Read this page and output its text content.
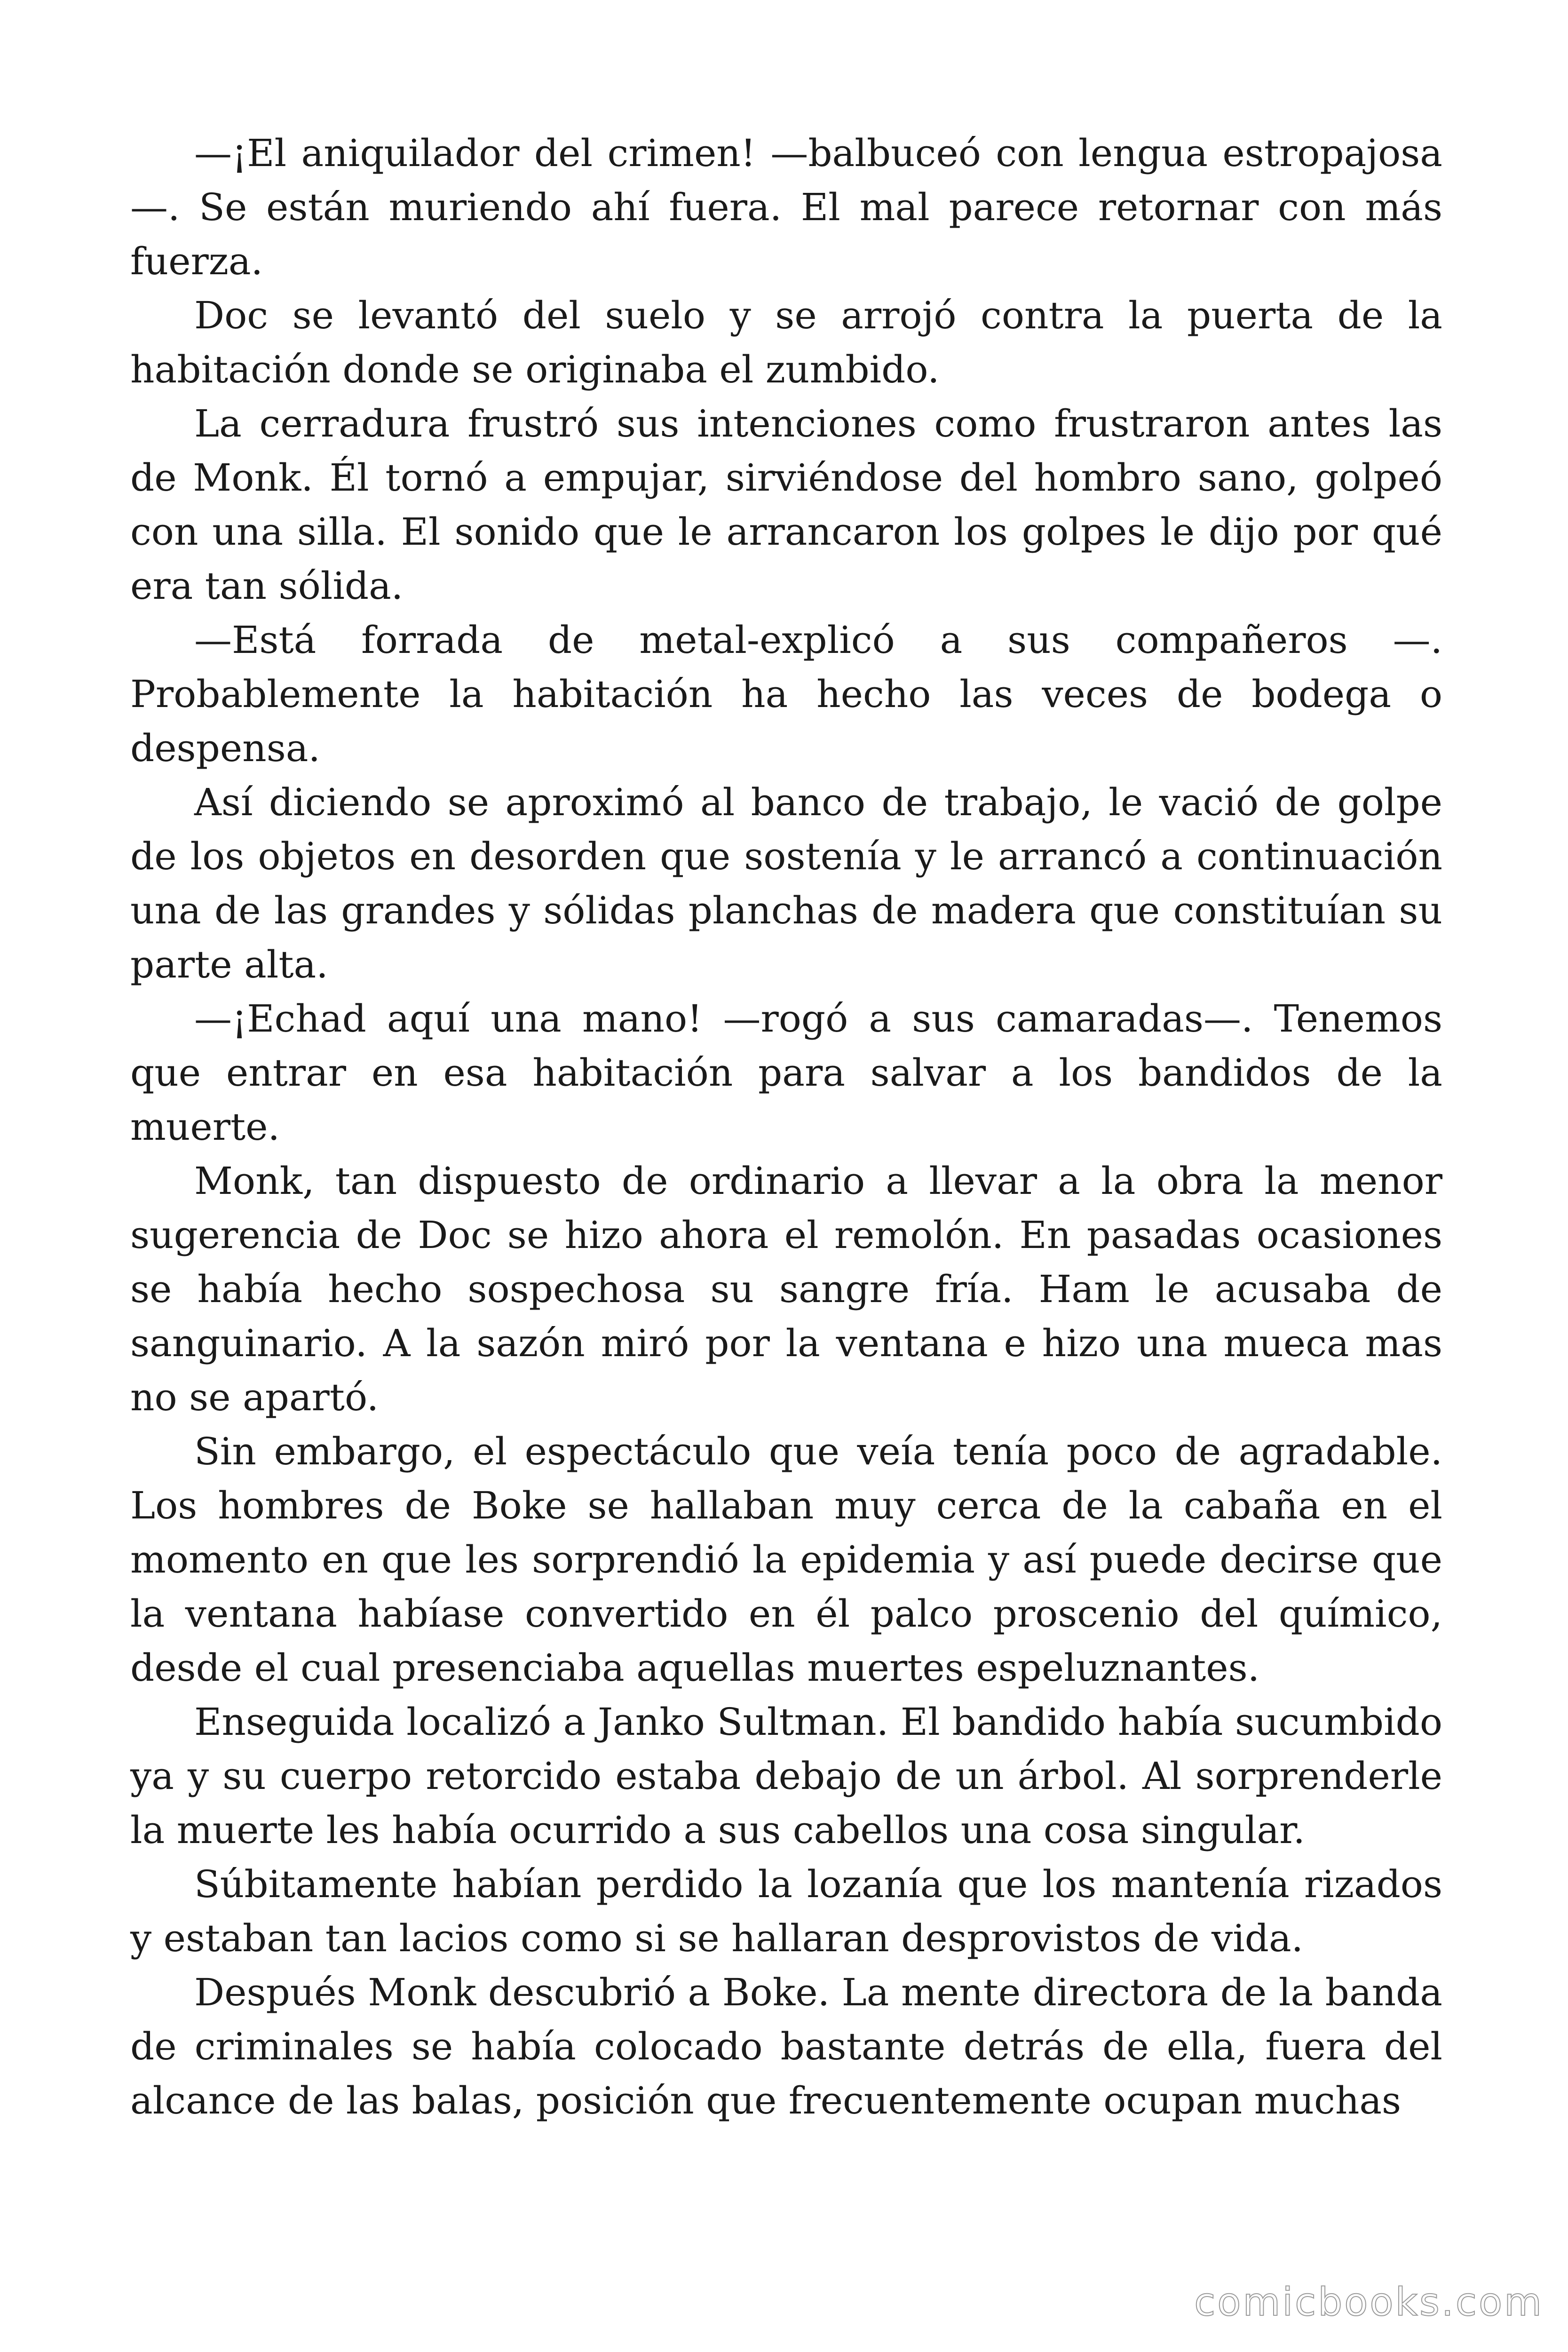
—¡El aniquilador del crimen! —balbuceó con lengua estropajosa —. Se están muriendo ahí fuera. El mal parece retornar con más fuerza.

Doc se levantó del suelo y se arrojó contra la puerta de la habitación donde se originaba el zumbido.

La cerradura frustró sus intenciones como frustraron antes las de Monk. Él tornó a empujar, sirviéndose del hombro sano, golpeó con una silla. El sonido que le arrancaron los golpes le dijo por qué era tan sólida.

—Está forrada de metal-explicó a sus compañeros —. Probablemente la habitación ha hecho las veces de bodega o despensa.

Así diciendo se aproximó al banco de trabajo, le vació de golpe de los objetos en desorden que sostenía y le arrancó a continuación una de las grandes y sólidas planchas de madera que constituían su parte alta.

—¡Echad aquí una mano! —rogó a sus camaradas—. Tenemos que entrar en esa habitación para salvar a los bandidos de la muerte.

Monk, tan dispuesto de ordinario a llevar a la obra la menor sugerencia de Doc se hizo ahora el remolón. En pasadas ocasiones se había hecho sospechosa su sangre fría. Ham le acusaba de sanguinario. A la sazón miró por la ventana e hizo una mueca mas no se apartó.

Sin embargo, el espectáculo que veía tenía poco de agradable. Los hombres de Boke se hallaban muy cerca de la cabaña en el momento en que les sorprendió la epidemia y así puede decirse que la ventana habíase convertido en él palco proscenio del químico, desde el cual presenciaba aquellas muertes espeluznantes.

Enseguida localizó a Janko Sultman. El bandido había sucumbido ya y su cuerpo retorcido estaba debajo de un árbol. Al sorprenderle la muerte les había ocurrido a sus cabellos una cosa singular.

Súbitamente habían perdido la lozanía que los mantenía rizados y estaban tan lacios como si se hallaran desprovistos de vida.

Después Monk descubrió a Boke. La mente directora de la banda de criminales se había colocado bastante detrás de ella, fuera del alcance de las balas, posición que frecuentemente ocupan muchas

comicbooks.com
